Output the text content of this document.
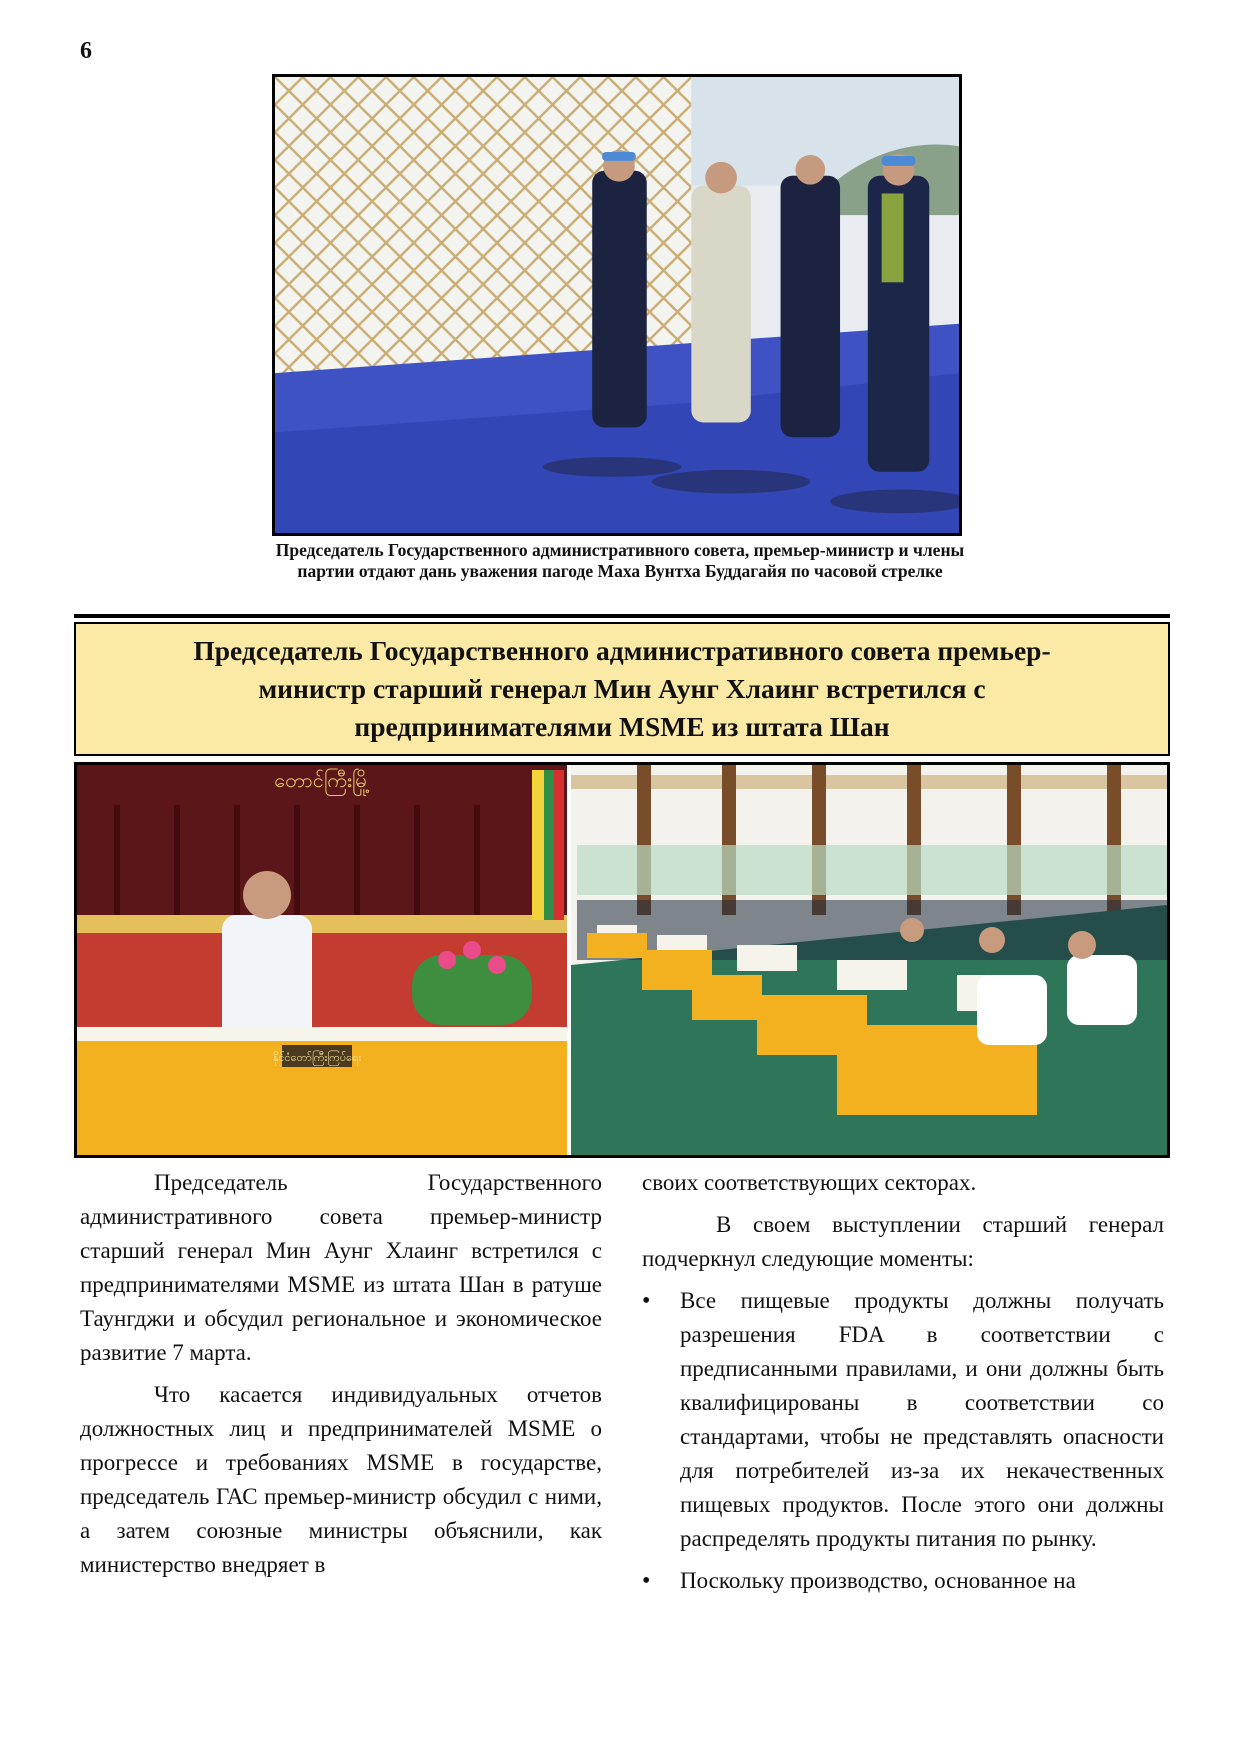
6
Председатель Государственного административного совета, премьер-министр и члены
партии отдают дань уважения пагоде Маха Вунтха Буддагайя по часовой стрелке
Председатель Государственного административного совета премьер-
министр старший генерал Мин Аунг Хлаинг встретился с
предпринимателями MSME из штата Шан
တောင်ကြီးမြို့
နိုင်ငံတော်ကြီးကြပ်ရေး

Председатель Государственного административного совета премьер-министр старший генерал Мин Аунг Хлаинг встретился с предпринимателями MSME из штата Шан в ратуше Таунгджи и обсудил региональное и экономическое развитие 7 марта.

Что касается индивидуальных отчетов должностных лиц и предпринимателей MSME о прогрессе и требованиях MSME в государстве, председатель ГАС премьер-министр обсудил с ними, а затем союзные министры объяснили, как министерство внедряет в

своих соответствующих секторах.

В своем выступлении старший генерал подчеркнул следующие моменты:

• Все пищевые продукты должны получать разрешения FDA в соответствии с предписанными правилами, и они должны быть квалифицированы в соответствии со стандартами, чтобы не представлять опасности для потребителей из-за их некачественных пищевых продуктов. После этого они должны распределять продукты питания по рынку.
• Поскольку производство, основанное на
